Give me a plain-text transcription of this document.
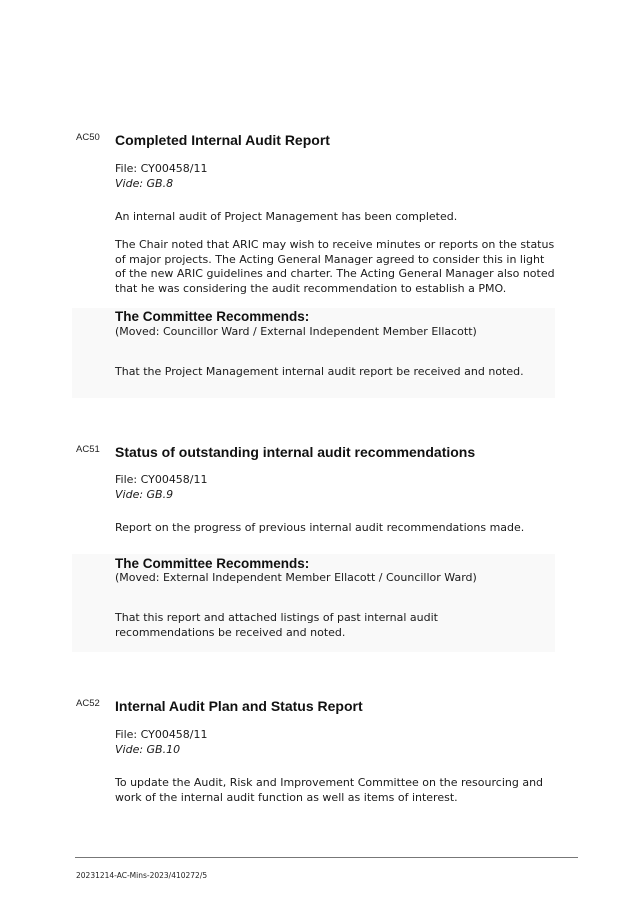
AC50 Completed Internal Audit Report
File: CY00458/11
Vide: GB.8
An internal audit of Project Management has been completed.
The Chair noted that ARIC may wish to receive minutes or reports on the status of major projects. The Acting General Manager agreed to consider this in light of the new ARIC guidelines and charter. The Acting General Manager also noted that he was considering the audit recommendation to establish a PMO.
The Committee Recommends:
(Moved: Councillor Ward / External Independent Member Ellacott)
That the Project Management internal audit report be received and noted.
AC51 Status of outstanding internal audit recommendations
File: CY00458/11
Vide: GB.9
Report on the progress of previous internal audit recommendations made.
The Committee Recommends:
(Moved: External Independent Member Ellacott / Councillor Ward)
That this report and attached listings of past internal audit recommendations be received and noted.
AC52 Internal Audit Plan and Status Report
File: CY00458/11
Vide: GB.10
To update the Audit, Risk and Improvement Committee on the resourcing and work of the internal audit function as well as items of interest.
20231214-AC-Mins-2023/410272/5
